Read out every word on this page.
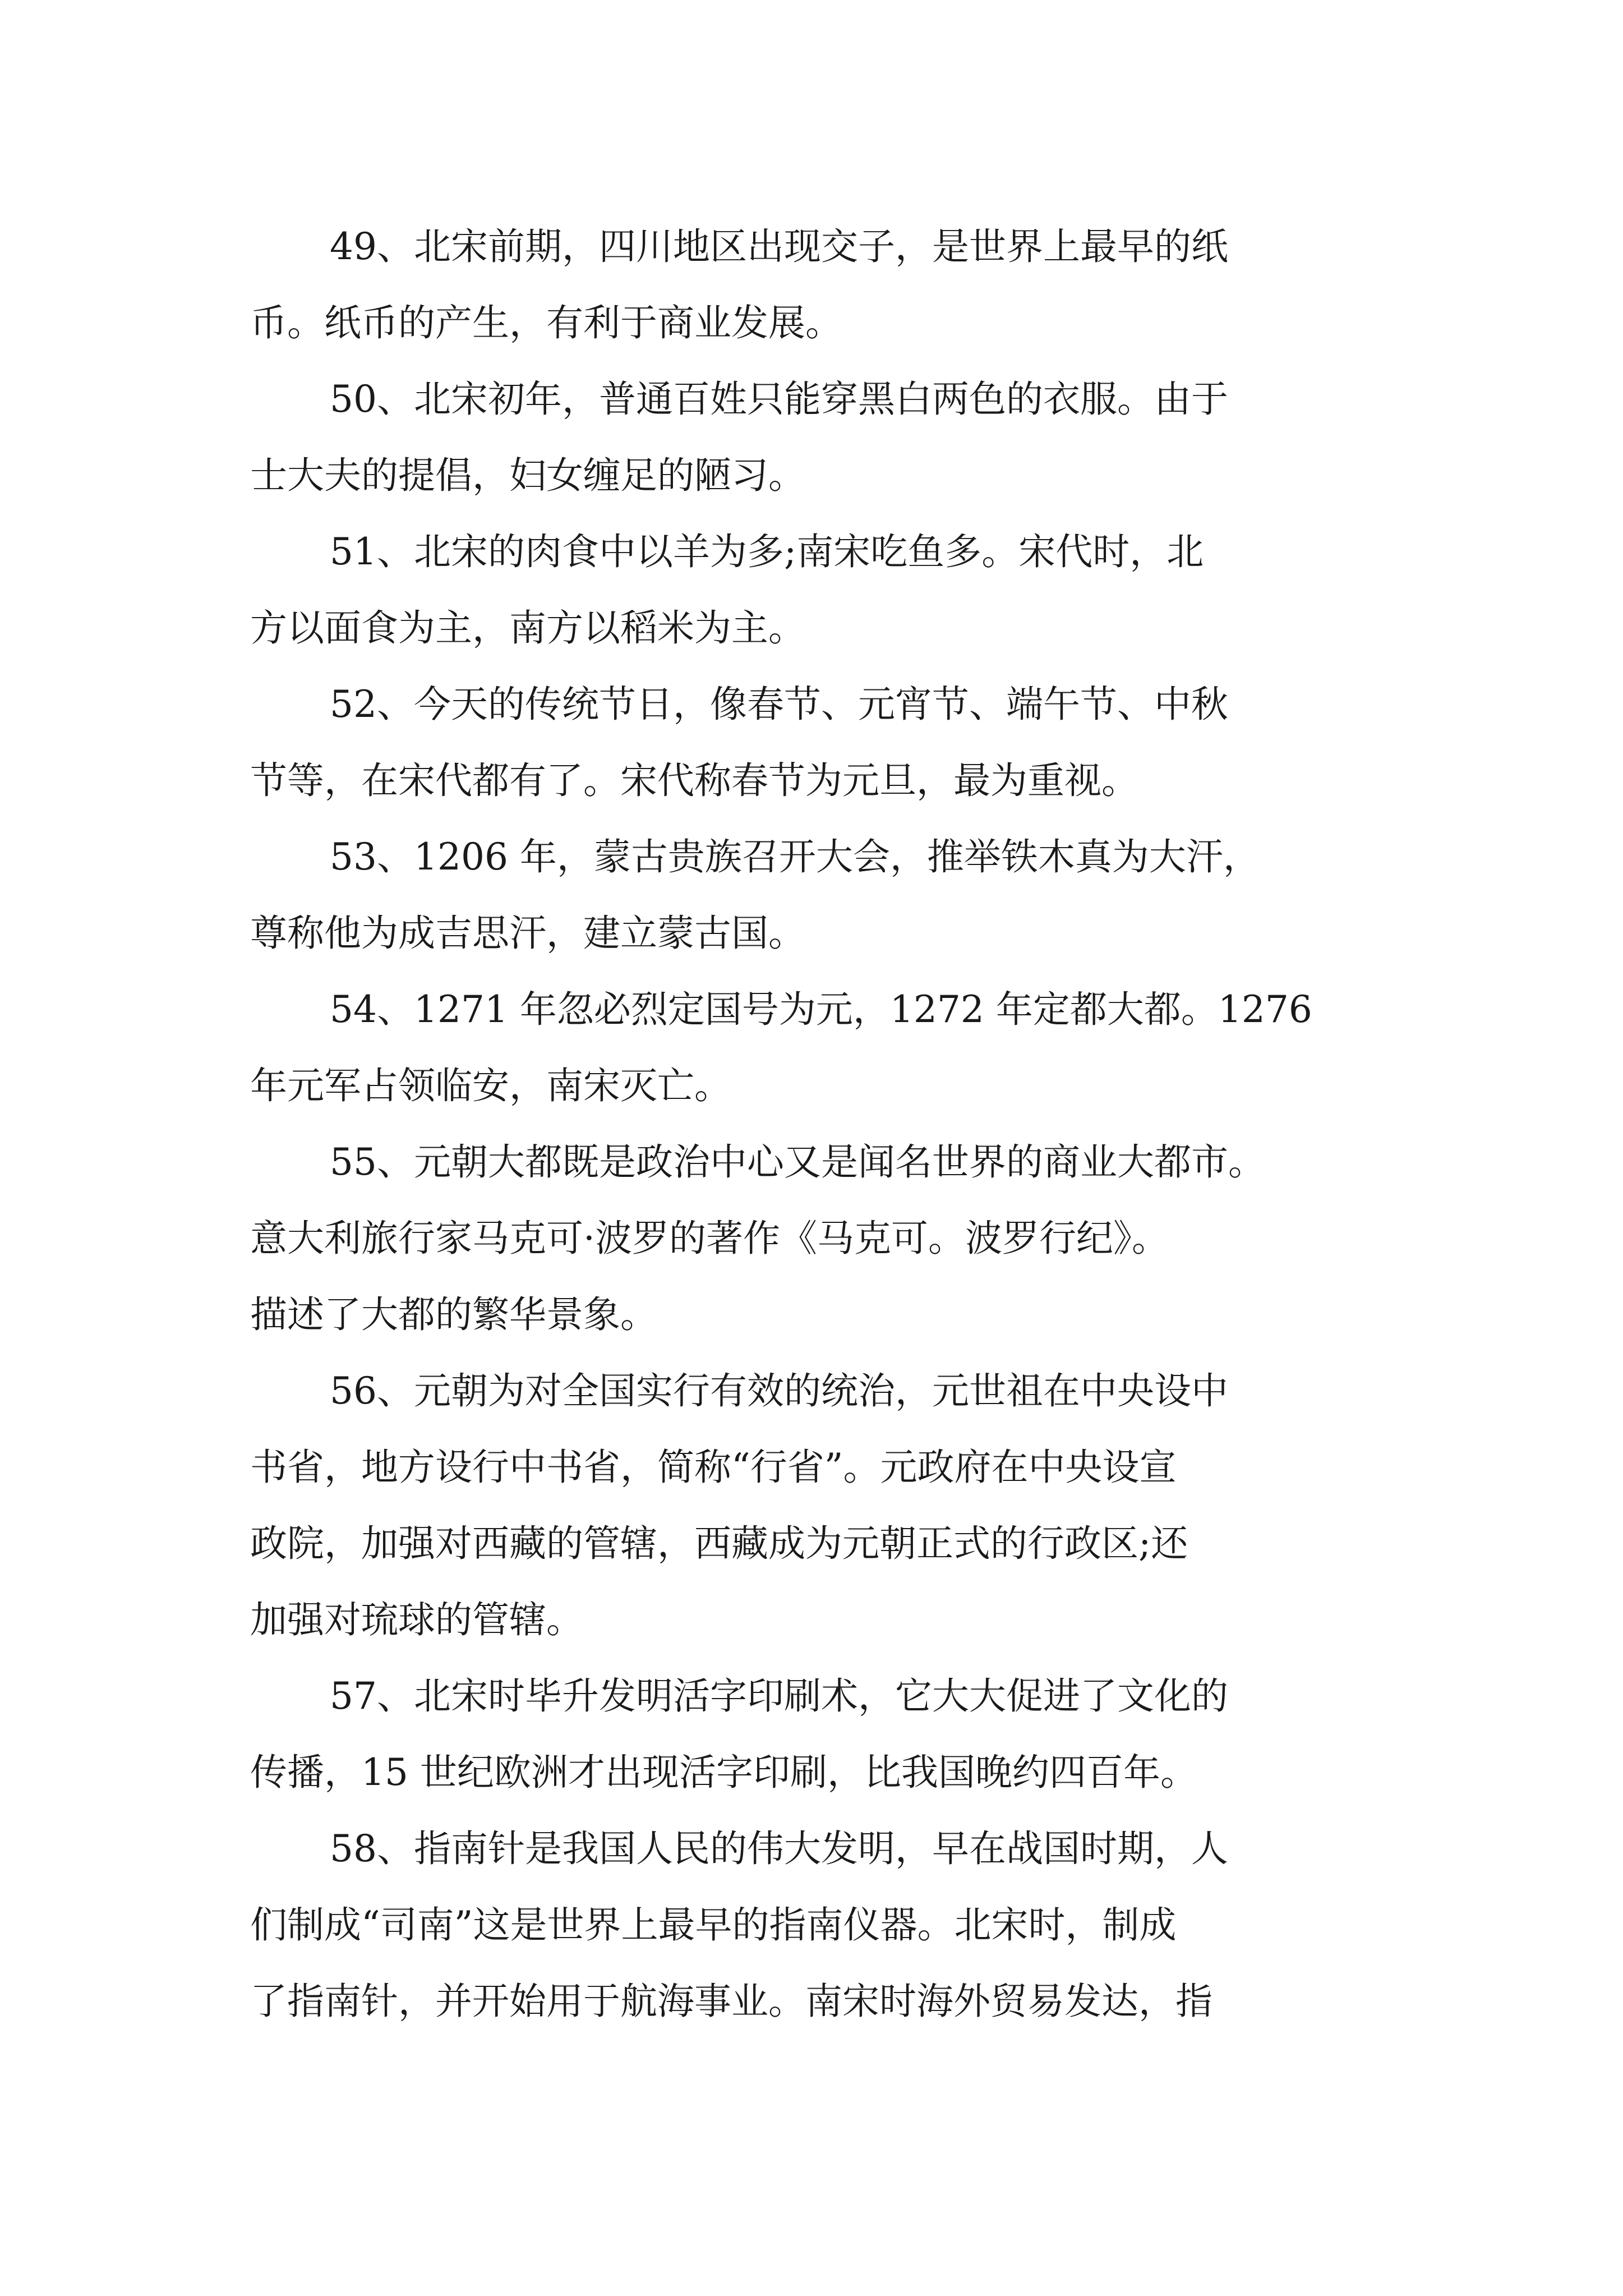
49、北宋前期，四川地区出现交子，是世界上最早的纸
币。纸币的产生，有利于商业发展。

50、北宋初年，普通百姓只能穿黑白两色的衣服。由于
士大夫的提倡，妇女缠足的陋习。

51、北宋的肉食中以羊为多;南宋吃鱼多。宋代时，北
方以面食为主，南方以稻米为主。

52、今天的传统节日，像春节、元宵节、端午节、中秋
节等，在宋代都有了。宋代称春节为元旦，最为重视。

53、1206 年，蒙古贵族召开大会，推举铁木真为大汗，
尊称他为成吉思汗，建立蒙古国。

54、1271 年忽必烈定国号为元，1272 年定都大都。1276
年元军占领临安，南宋灭亡。

55、元朝大都既是政治中心又是闻名世界的商业大都市。
意大利旅行家马克可·波罗的著作《马克可。波罗行纪》。
描述了大都的繁华景象。

56、元朝为对全国实行有效的统治，元世祖在中央设中
书省，地方设行中书省，简称“行省”。元政府在中央设宣
政院，加强对西藏的管辖，西藏成为元朝正式的行政区;还
加强对琉球的管辖。

57、北宋时毕升发明活字印刷术，它大大促进了文化的
传播，15 世纪欧洲才出现活字印刷，比我国晚约四百年。

58、指南针是我国人民的伟大发明，早在战国时期，人
们制成“司南”这是世界上最早的指南仪器。北宋时，制成
了指南针，并开始用于航海事业。南宋时海外贸易发达，指
